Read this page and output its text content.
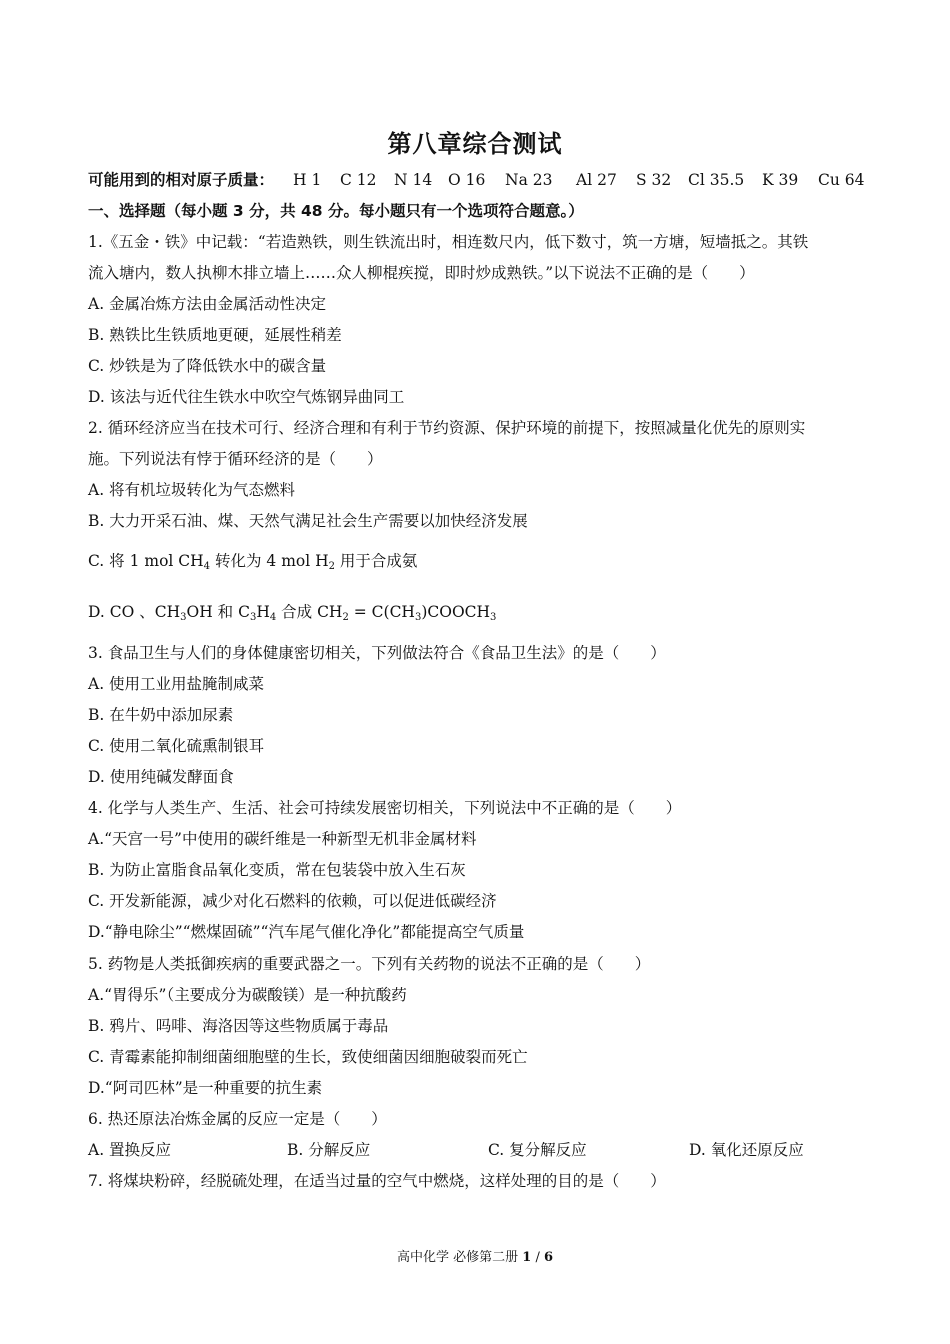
第八章综合测试
可能用到的相对原子质量： H 1 C 12 N 14 O 16 Na 23 Al 27 S 32 Cl 35.5 K 39 Cu 64
一、选择题（每小题 3 分，共 48 分。每小题只有一个选项符合题意。）
1.《五金・铁》中记载：“若造熟铁，则生铁流出时，相连数尺内，低下数寸，筑一方塘，短墙抵之。其铁
流入塘内，数人执柳木排立墙上……众人柳棍疾搅，即时炒成熟铁。”以下说法不正确的是（　　）
A. 金属冶炼方法由金属活动性决定
B. 熟铁比生铁质地更硬，延展性稍差
C. 炒铁是为了降低铁水中的碳含量
D. 该法与近代往生铁水中吹空气炼钢异曲同工
2. 循环经济应当在技术可行、经济合理和有利于节约资源、保护环境的前提下，按照减量化优先的原则实
施。下列说法有悖于循环经济的是（　　）
A. 将有机垃圾转化为气态燃料
B. 大力开采石油、煤、天然气满足社会生产需要以加快经济发展
C. 将 1 mol $CH_4$ 转化为 4 mol $H_2$ 用于合成氨
D. CO 、$CH_3OH$ 和 $C_3H_4$ 合成 $CH_2$ = $C(CH_3)COOCH_3$
3. 食品卫生与人们的身体健康密切相关，下列做法符合《食品卫生法》的是（　　）
A. 使用工业用盐腌制咸菜
B. 在牛奶中添加尿素
C. 使用二氧化硫熏制银耳
D. 使用纯碱发酵面食
4. 化学与人类生产、生活、社会可持续发展密切相关，下列说法中不正确的是（　　）
A.“天宫一号”中使用的碳纤维是一种新型无机非金属材料
B. 为防止富脂食品氧化变质，常在包装袋中放入生石灰
C. 开发新能源，减少对化石燃料的依赖，可以促进低碳经济
D.“静电除尘”“燃煤固硫”“汽车尾气催化净化”都能提高空气质量
5. 药物是人类抵御疾病的重要武器之一。下列有关药物的说法不正确的是（　　）
A.“胃得乐”（主要成分为碳酸镁）是一种抗酸药
B. 鸦片、吗啡、海洛因等这些物质属于毒品
C. 青霉素能抑制细菌细胞壁的生长，致使细菌因细胞破裂而死亡
D.“阿司匹林”是一种重要的抗生素
6. 热还原法冶炼金属的反应一定是（　　）
A. 置换反应	B. 分解反应	C. 复分解反应	D. 氧化还原反应
7. 将煤块粉碎，经脱硫处理，在适当过量的空气中燃烧，这样处理的目的是（　　）
高中化学 必修第二册 1 / 6
